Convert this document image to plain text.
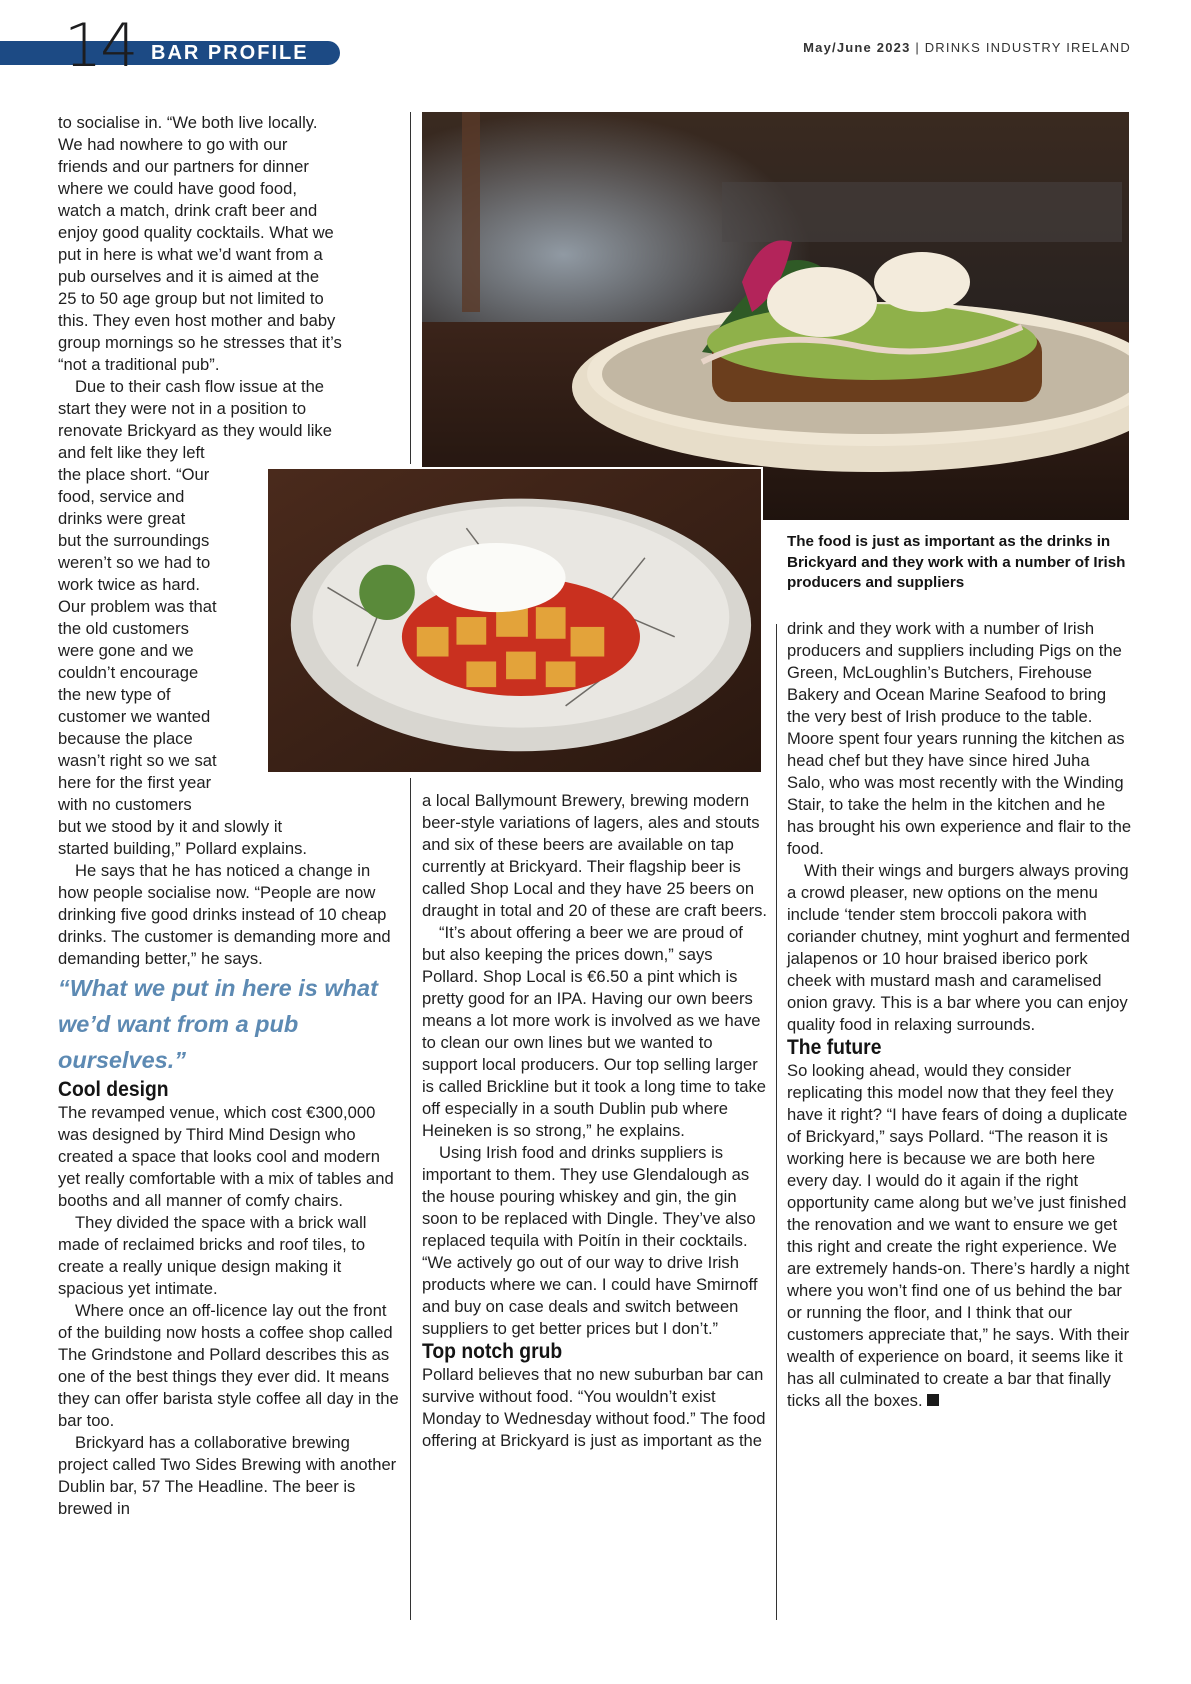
14 BAR PROFILE	May/June 2023 | DRINKS INDUSTRY IRELAND
The food is just as important as the drinks in Brickyard and they work with a number of Irish producers and suppliers

to socialise in. “We both live locally.

We had nowhere to go with our

friends and our partners for dinner

where we could have good food,

watch a match, drink craft beer and

enjoy good quality cocktails. What we

put in here is what we’d want from a

pub ourselves and it is aimed at the

25 to 50 age group but not limited to

this. They even host mother and baby

group mornings so he stresses that it’s

“not a traditional pub”.

Due to their cash flow issue at the

start they were not in a position to

renovate Brickyard as they would like

and felt like they left

the place short. “Our

food, service and

drinks were great

but the surroundings

weren’t so we had to

work twice as hard.

Our problem was that

the old customers

were gone and we

couldn’t encourage

the new type of

customer we wanted

because the place

wasn’t right so we sat

here for the first year

with no customers

but we stood by it and slowly it

started building,” Pollard explains.

He says that he has noticed a change in how people socialise now. “People are now drinking five good drinks instead of 10 cheap drinks. The customer is demanding more and demanding better,” he says.

“What we put in here is what we’d want from a pub ourselves.”

Cool design

The revamped venue, which cost €300,000 was designed by Third Mind Design who created a space that looks cool and modern yet really comfortable with a mix of tables and booths and all manner of comfy chairs.

They divided the space with a brick wall made of reclaimed bricks and roof tiles, to create a really unique design making it spacious yet intimate.

Where once an off-licence lay out the front of the building now hosts a coffee shop called The Grindstone and Pollard describes this as one of the best things they ever did. It means they can offer barista style coffee all day in the bar too.

Brickyard has a collaborative brewing project called Two Sides Brewing with another Dublin bar, 57 The Headline. The beer is brewed in

a local Ballymount Brewery, brewing modern beer-style variations of lagers, ales and stouts and six of these beers are available on tap currently at Brickyard. Their flagship beer is called Shop Local and they have 25 beers on draught in total and 20 of these are craft beers.

“It’s about offering a beer we are proud of but also keeping the prices down,” says Pollard. Shop Local is €6.50 a pint which is pretty good for an IPA. Having our own beers means a lot more work is involved as we have to clean our own lines but we wanted to support local producers. Our top selling larger is called Brickline but it took a long time to take off especially in a south Dublin pub where Heineken is so strong,” he explains.

Using Irish food and drinks suppliers is important to them. They use Glendalough as the house pouring whiskey and gin, the gin soon to be replaced with Dingle. They’ve also replaced tequila with Poitín in their cocktails. “We actively go out of our way to drive Irish products where we can. I could have Smirnoff and buy on case deals and switch between suppliers to get better prices but I don’t.”

Top notch grub

Pollard believes that no new suburban bar can survive without food. “You wouldn’t exist Monday to Wednesday without food.” The food offering at Brickyard is just as important as the

drink and they work with a number of Irish producers and suppliers including Pigs on the Green, McLoughlin’s Butchers, Firehouse Bakery and Ocean Marine Seafood to bring the very best of Irish produce to the table. Moore spent four years running the kitchen as head chef but they have since hired Juha Salo, who was most recently with the Winding Stair, to take the helm in the kitchen and he has brought his own experience and flair to the food.

With their wings and burgers always proving a crowd pleaser, new options on the menu include ‘tender stem broccoli pakora with coriander chutney, mint yoghurt and fermented jalapenos or 10 hour braised iberico pork cheek with mustard mash and caramelised onion gravy. This is a bar where you can enjoy quality food in relaxing surrounds.

The future

So looking ahead, would they consider replicating this model now that they feel they have it right? “I have fears of doing a duplicate of Brickyard,” says Pollard. “The reason it is working here is because we are both here every day. I would do it again if the right opportunity came along but we’ve just finished the renovation and we want to ensure we get this right and create the right experience. We are extremely hands-on. There’s hardly a night where you won’t find one of us behind the bar or running the floor, and I think that our customers appreciate that,” he says. With their wealth of experience on board, it seems like it has all culminated to create a bar that finally ticks all the boxes.
